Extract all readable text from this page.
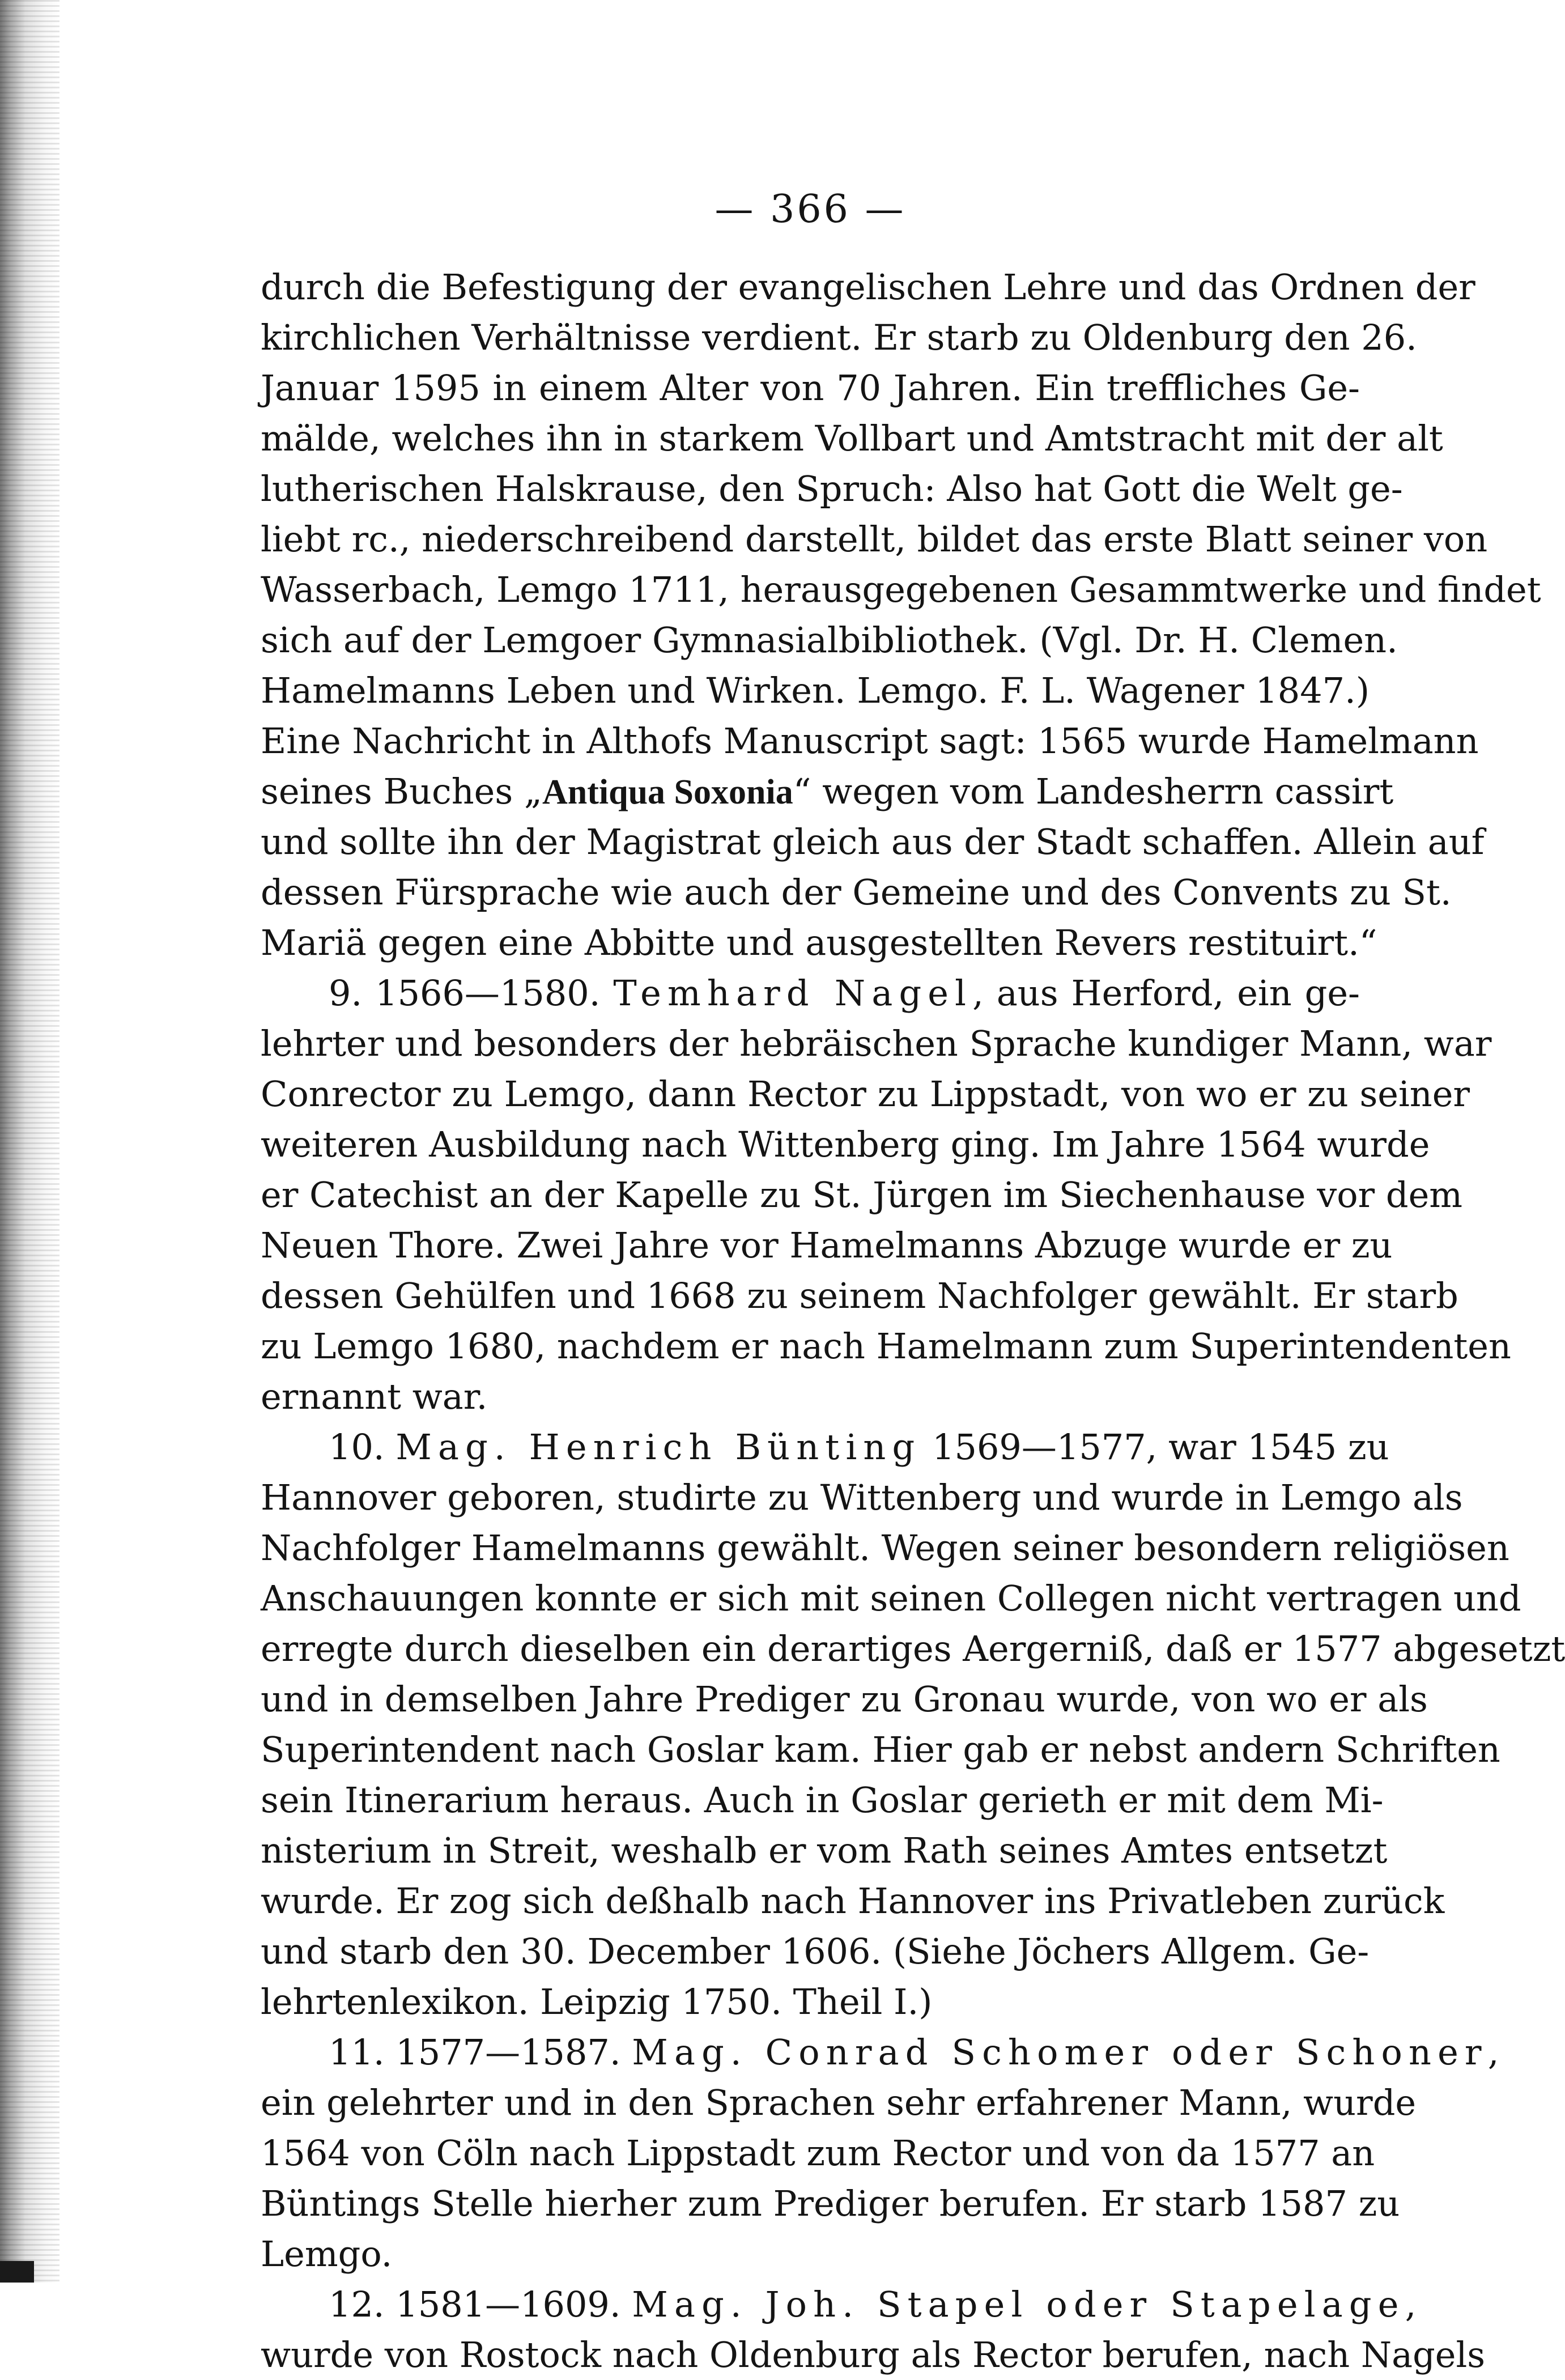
— 366 —
durch die Befestigung der evangelischen Lehre und das Ordnen der
kirchlichen Verhältnisse verdient. Er starb zu Oldenburg den 26.
Januar 1595 in einem Alter von 70 Jahren. Ein treffliches Ge-
mälde, welches ihn in starkem Vollbart und Amtstracht mit der alt
lutherischen Halskrause, den Spruch: Also hat Gott die Welt ge-
liebt rc., niederschreibend darstellt, bildet das erste Blatt seiner von
Wasserbach, Lemgo 1711, herausgegebenen Gesammtwerke und findet
sich auf der Lemgoer Gymnasialbibliothek. (Vgl. Dr. H. Clemen.
Hamelmanns Leben und Wirken. Lemgo. F. L. Wagener 1847.)
Eine Nachricht in Althofs Manuscript sagt: 1565 wurde Hamelmann
seines Buches „Antiqua Soxonia“ wegen vom Landesherrn cassirt
und sollte ihn der Magistrat gleich aus der Stadt schaffen. Allein auf
dessen Fürsprache wie auch der Gemeine und des Convents zu St.
Mariä gegen eine Abbitte und ausgestellten Revers restituirt.“
9. 1566—1580. Temhard Nagel, aus Herford, ein ge-
lehrter und besonders der hebräischen Sprache kundiger Mann, war
Conrector zu Lemgo, dann Rector zu Lippstadt, von wo er zu seiner
weiteren Ausbildung nach Wittenberg ging. Im Jahre 1564 wurde
er Catechist an der Kapelle zu St. Jürgen im Siechenhause vor dem
Neuen Thore. Zwei Jahre vor Hamelmanns Abzuge wurde er zu
dessen Gehülfen und 1668 zu seinem Nachfolger gewählt. Er starb
zu Lemgo 1680, nachdem er nach Hamelmann zum Superintendenten
ernannt war.
10. Mag. Henrich Bünting 1569—1577, war 1545 zu
Hannover geboren, studirte zu Wittenberg und wurde in Lemgo als
Nachfolger Hamelmanns gewählt. Wegen seiner besondern religiösen
Anschauungen konnte er sich mit seinen Collegen nicht vertragen und
erregte durch dieselben ein derartiges Aergerniß, daß er 1577 abgesetzt
und in demselben Jahre Prediger zu Gronau wurde, von wo er als
Superintendent nach Goslar kam. Hier gab er nebst andern Schriften
sein Itinerarium heraus. Auch in Goslar gerieth er mit dem Mi-
nisterium in Streit, weshalb er vom Rath seines Amtes entsetzt
wurde. Er zog sich deßhalb nach Hannover ins Privatleben zurück
und starb den 30. December 1606. (Siehe Jöchers Allgem. Ge-
lehrtenlexikon. Leipzig 1750. Theil I.)
11. 1577—1587. Mag. Conrad Schomer oder Schoner,
ein gelehrter und in den Sprachen sehr erfahrener Mann, wurde
1564 von Cöln nach Lippstadt zum Rector und von da 1577 an
Büntings Stelle hierher zum Prediger berufen. Er starb 1587 zu
Lemgo.
12. 1581—1609. Mag. Joh. Stapel oder Stapelage,
wurde von Rostock nach Oldenburg als Rector berufen, nach Nagels
